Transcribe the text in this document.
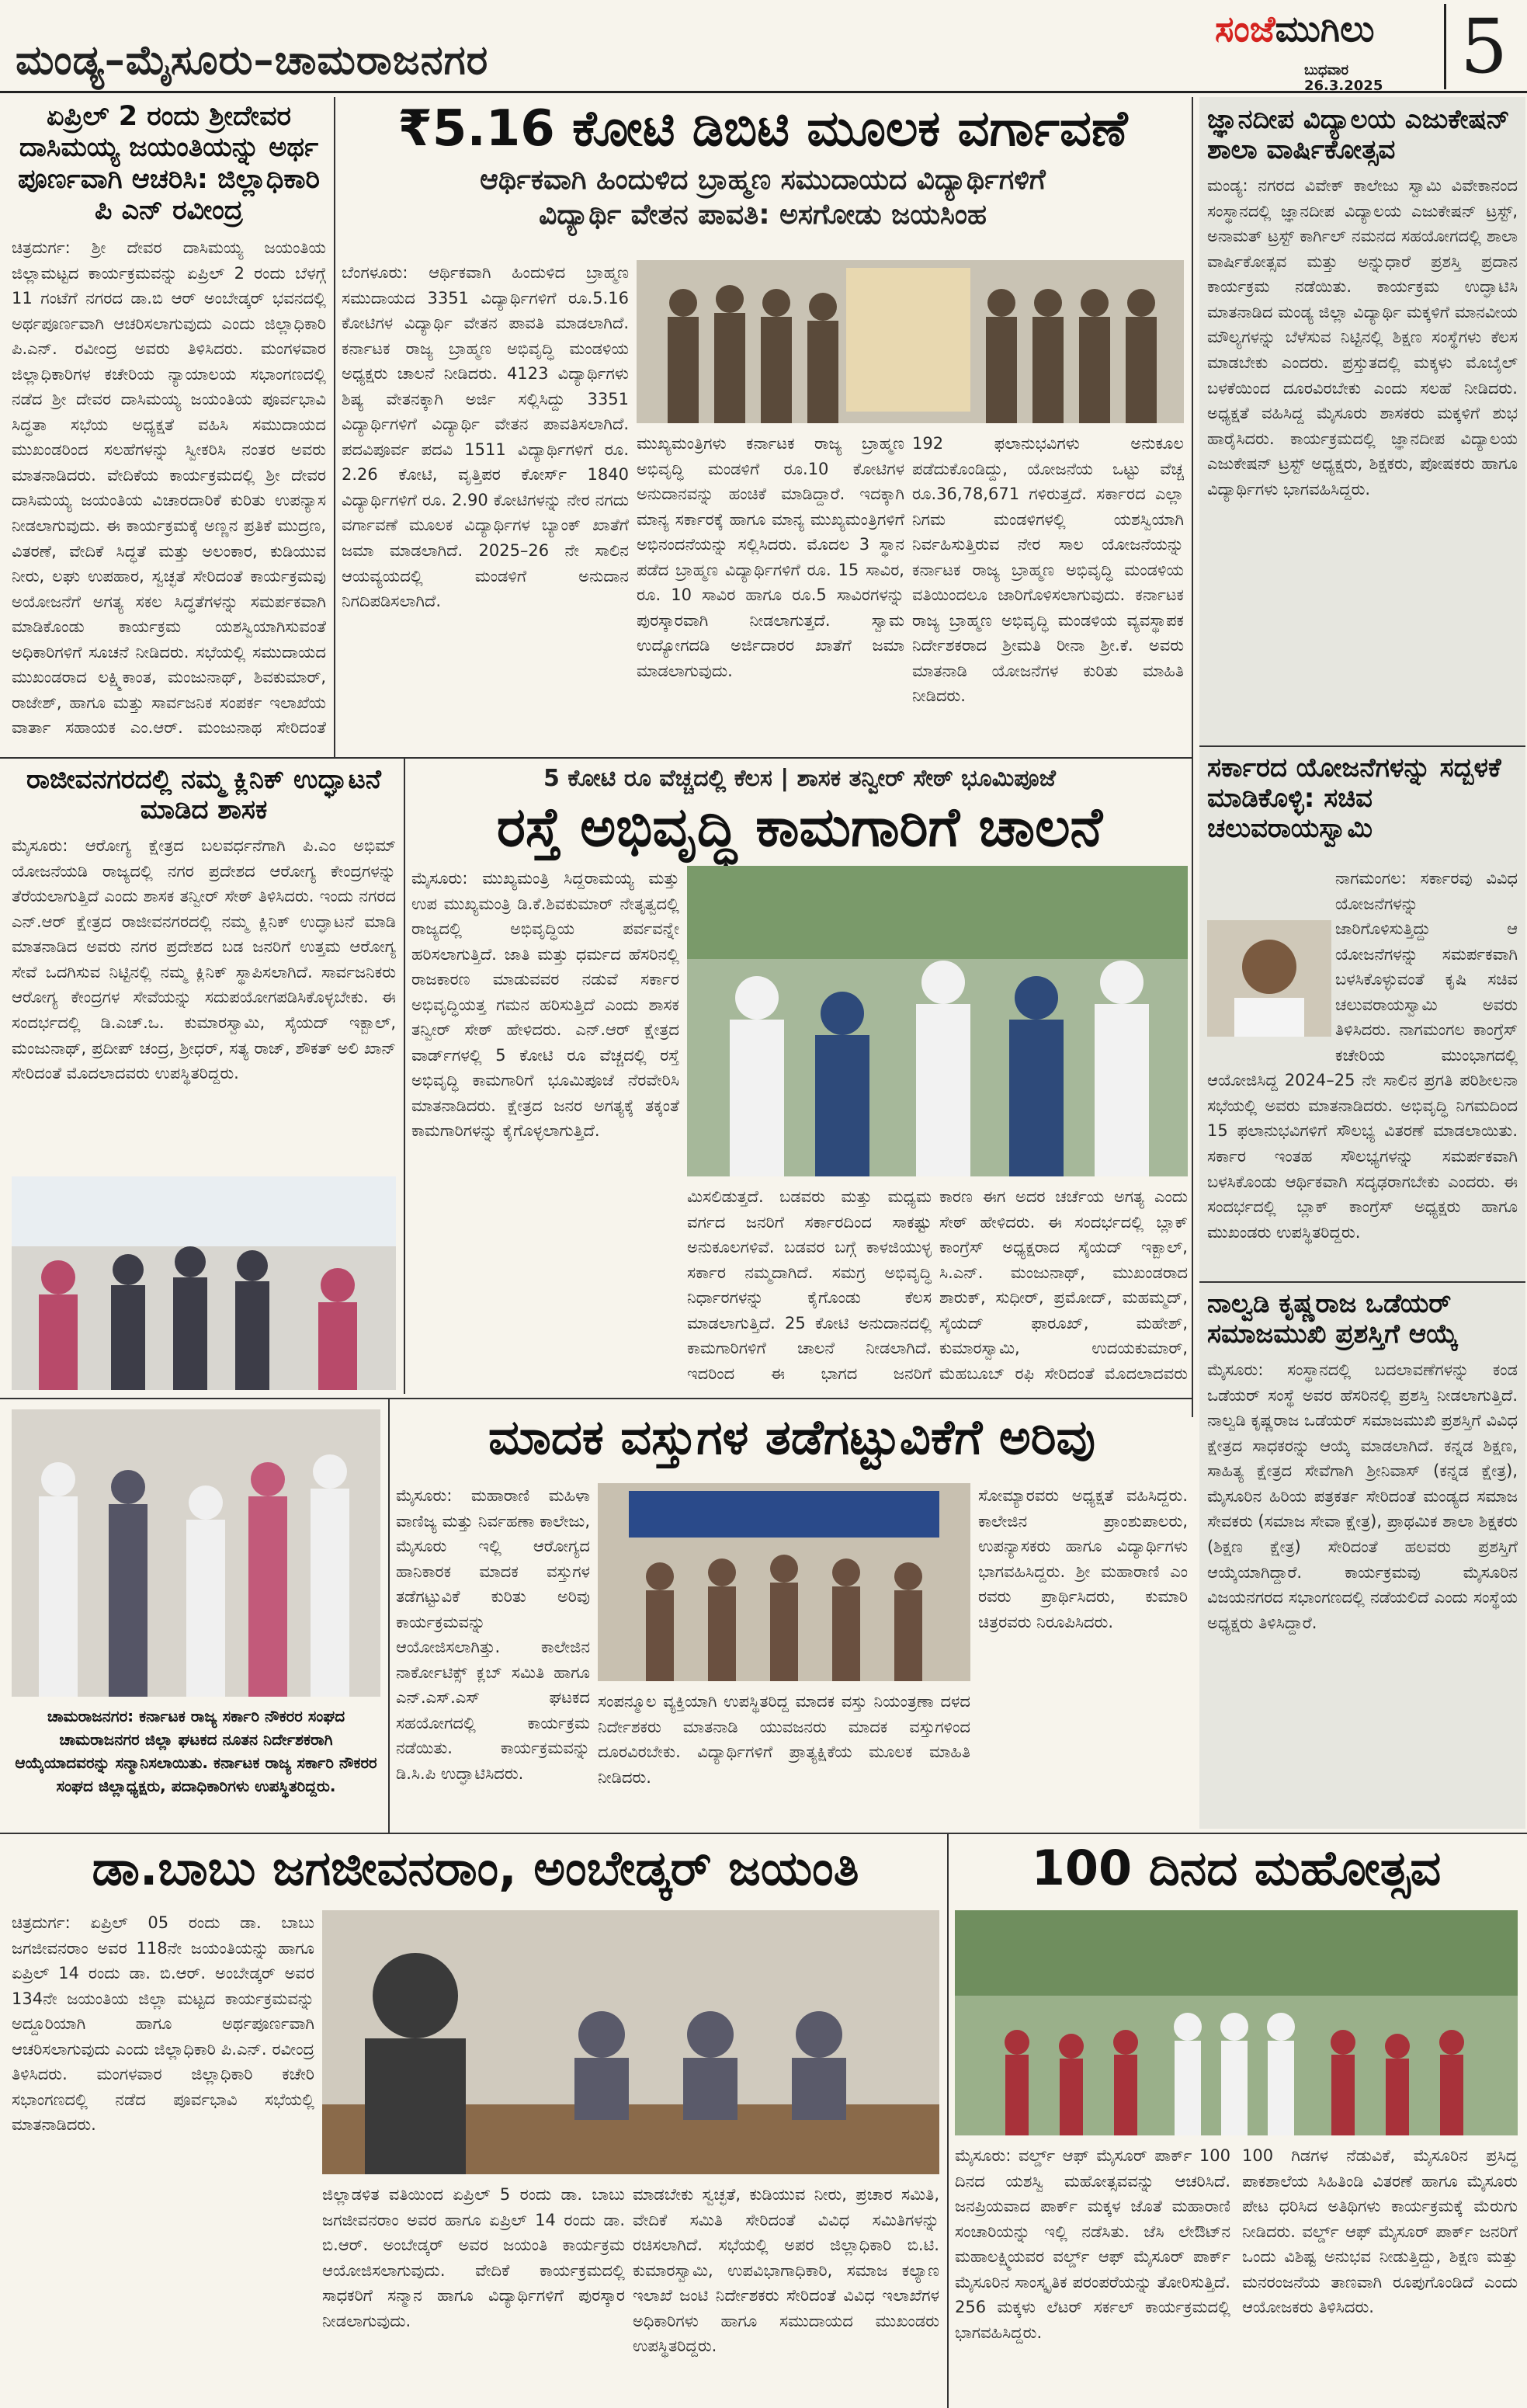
ಮಂಡ್ಯ–ಮೈಸೂರು–ಚಾಮರಾಜನಗರ
ಸಂಜೆಮುಗಿಲು
ಬುಧವಾರ
26.3.2025 5
ಏಪ್ರಿಲ್ 2 ರಂದು ಶ್ರೀದೇವರ ದಾಸಿಮಯ್ಯ ಜಯಂತಿಯನ್ನು ಅರ್ಥ ಪೂರ್ಣವಾಗಿ ಆಚರಿಸಿ: ಜಿಲ್ಲಾಧಿಕಾರಿ ಪಿ ಎನ್ ರವೀಂದ್ರ
ಚಿತ್ರದುರ್ಗ: ಶ್ರೀ ದೇವರ ದಾಸಿಮಯ್ಯ ಜಯಂತಿಯ ಜಿಲ್ಲಾಮಟ್ಟದ ಕಾರ್ಯಕ್ರಮವನ್ನು ಏಪ್ರಿಲ್ 2 ರಂದು ಬೆಳಗ್ಗೆ 11 ಗಂಟೆಗೆ ನಗರದ ಡಾ.ಬಿ ಆರ್ ಅಂಬೇಡ್ಕರ್ ಭವನದಲ್ಲಿ ಅರ್ಥಪೂರ್ಣವಾಗಿ ಆಚರಿಸಲಾಗುವುದು ಎಂದು ಜಿಲ್ಲಾಧಿಕಾರಿ ಪಿ.ಎನ್. ರವೀಂದ್ರ ಅವರು ತಿಳಿಸಿದರು. ಮಂಗಳವಾರ ಜಿಲ್ಲಾಧಿಕಾರಿಗಳ ಕಚೇರಿಯ ನ್ಯಾಯಾಲಯ ಸಭಾಂಗಣದಲ್ಲಿ ನಡೆದ ಶ್ರೀ ದೇವರ ದಾಸಿಮಯ್ಯ ಜಯಂತಿಯ ಪೂರ್ವಭಾವಿ ಸಿದ್ಧತಾ ಸಭೆಯ ಅಧ್ಯಕ್ಷತೆ ವಹಿಸಿ ಸಮುದಾಯದ ಮುಖಂಡರಿಂದ ಸಲಹೆಗಳನ್ನು ಸ್ವೀಕರಿಸಿ ನಂತರ ಅವರು ಮಾತನಾಡಿದರು. ವೇದಿಕೆಯ ಕಾರ್ಯಕ್ರಮದಲ್ಲಿ ಶ್ರೀ ದೇವರ ದಾಸಿಮಯ್ಯ ಜಯಂತಿಯ ವಿಚಾರದಾರಿಕೆ ಕುರಿತು ಉಪನ್ಯಾಸ ನೀಡಲಾಗುವುದು. ಈ ಕಾರ್ಯಕ್ರಮಕ್ಕೆ ಅಣ್ಣನ ಪ್ರತಿಕೆ ಮುದ್ರಣ, ವಿತರಣೆ, ವೇದಿಕೆ ಸಿದ್ಧತೆ ಮತ್ತು ಅಲಂಕಾರ, ಕುಡಿಯುವ ನೀರು, ಲಘು ಉಪಹಾರ, ಸ್ವಚ್ಛತೆ ಸೇರಿದಂತೆ ಕಾರ್ಯಕ್ರಮವು ಅಯೋಜನೆಗೆ ಅಗತ್ಯ ಸಕಲ ಸಿದ್ಧತೆಗಳನ್ನು ಸಮರ್ಪಕವಾಗಿ ಮಾಡಿಕೊಂಡು ಕಾರ್ಯಕ್ರಮ ಯಶಸ್ವಿಯಾಗಿಸುವಂತೆ ಅಧಿಕಾರಿಗಳಿಗೆ ಸೂಚನೆ ನೀಡಿದರು. ಸಭೆಯಲ್ಲಿ ಸಮುದಾಯದ ಮುಖಂಡರಾದ ಲಕ್ಷ್ಮಿಕಾಂತ, ಮಂಜುನಾಥ್, ಶಿವಕುಮಾರ್, ರಾಜೇಶ್, ಹಾಗೂ ಮತ್ತು ಸಾರ್ವಜನಿಕ ಸಂಪರ್ಕ ಇಲಾಖೆಯ ವಾರ್ತಾ ಸಹಾಯಕ ಎಂ.ಆರ್. ಮಂಜುನಾಥ ಸೇರಿದಂತೆ
₹5.16 ಕೋಟಿ ಡಿಬಿಟಿ ಮೂಲಕ ವರ್ಗಾವಣೆ
ಆರ್ಥಿಕವಾಗಿ ಹಿಂದುಳಿದ ಬ್ರಾಹ್ಮಣ ಸಮುದಾಯದ ವಿದ್ಯಾರ್ಥಿಗಳಿಗೆ
ವಿದ್ಯಾರ್ಥಿ ವೇತನ ಪಾವತಿ: ಅಸಗೋಡು ಜಯಸಿಂಹ
ಬೆಂಗಳೂರು: ಆರ್ಥಿಕವಾಗಿ ಹಿಂದುಳಿದ ಬ್ರಾಹ್ಮಣ ಸಮುದಾಯದ 3351 ವಿದ್ಯಾರ್ಥಿಗಳಿಗೆ ರೂ.5.16 ಕೋಟಿಗಳ ವಿದ್ಯಾರ್ಥಿ ವೇತನ ಪಾವತಿ ಮಾಡಲಾಗಿದೆ. ಕರ್ನಾಟಕ ರಾಜ್ಯ ಬ್ರಾಹ್ಮಣ ಅಭಿವೃದ್ಧಿ ಮಂಡಳಿಯ ಅಧ್ಯಕ್ಷರು ಚಾಲನೆ ನೀಡಿದರು. 4123 ವಿದ್ಯಾರ್ಥಿಗಳು ಶಿಷ್ಯ ವೇತನಕ್ಕಾಗಿ ಅರ್ಜಿ ಸಲ್ಲಿಸಿದ್ದು 3351 ವಿದ್ಯಾರ್ಥಿಗಳಿಗೆ ವಿದ್ಯಾರ್ಥಿ ವೇತನ ಪಾವತಿಸಲಾಗಿದೆ. ಪದವಿಪೂರ್ವ ಪದವಿ 1511 ವಿದ್ಯಾರ್ಥಿಗಳಿಗೆ ರೂ. 2.26 ಕೋಟಿ, ವೃತ್ತಿಪರ ಕೋರ್ಸ್ 1840 ವಿದ್ಯಾರ್ಥಿಗಳಿಗೆ ರೂ. 2.90 ಕೋಟಿಗಳನ್ನು ನೇರ ನಗದು ವರ್ಗಾವಣೆ ಮೂಲಕ ವಿದ್ಯಾರ್ಥಿಗಳ ಬ್ಯಾಂಕ್ ಖಾತೆಗೆ ಜಮಾ ಮಾಡಲಾಗಿದೆ. 2025–26 ನೇ ಸಾಲಿನ ಆಯವ್ಯಯದಲ್ಲಿ ಮಂಡಳಿಗೆ ಅನುದಾನ ನಿಗದಿಪಡಿಸಲಾಗಿದೆ.
ಮುಖ್ಯಮಂತ್ರಿಗಳು ಕರ್ನಾಟಕ ರಾಜ್ಯ ಬ್ರಾಹ್ಮಣ ಅಭಿವೃದ್ಧಿ ಮಂಡಳಿಗೆ ರೂ.10 ಕೋಟಿಗಳ ಅನುದಾನವನ್ನು ಹಂಚಿಕೆ ಮಾಡಿದ್ದಾರೆ. ಇದಕ್ಕಾಗಿ ಮಾನ್ಯ ಸರ್ಕಾರಕ್ಕೆ ಹಾಗೂ ಮಾನ್ಯ ಮುಖ್ಯಮಂತ್ರಿಗಳಿಗೆ ಅಭಿನಂದನೆಯನ್ನು ಸಲ್ಲಿಸಿದರು. ಮೊದಲ 3 ಸ್ಥಾನ ಪಡೆದ ಬ್ರಾಹ್ಮಣ ವಿದ್ಯಾರ್ಥಿಗಳಿಗೆ ರೂ. 15 ಸಾವಿರ, ರೂ. 10 ಸಾವಿರ ಹಾಗೂ ರೂ.5 ಸಾವಿರಗಳನ್ನು ಪುರಸ್ಕಾರವಾಗಿ ನೀಡಲಾಗುತ್ತದೆ. ಸ್ವಾಮ ಉದ್ಯೋಗದಡಿ ಅರ್ಜಿದಾರರ ಖಾತೆಗೆ ಜಮಾ ಮಾಡಲಾಗುವುದು.
192 ಫಲಾನುಭವಿಗಳು ಅನುಕೂಲ ಪಡೆದುಕೊಂಡಿದ್ದು, ಯೋಜನೆಯ ಒಟ್ಟು ವೆಚ್ಚ ರೂ.36,78,671 ಗಳಿರುತ್ತದೆ. ಸರ್ಕಾರದ ಎಲ್ಲಾ ನಿಗಮ ಮಂಡಳಿಗಳಲ್ಲಿ ಯಶಸ್ವಿಯಾಗಿ ನಿರ್ವಹಿಸುತ್ತಿರುವ ನೇರ ಸಾಲ ಯೋಜನೆಯನ್ನು ಕರ್ನಾಟಕ ರಾಜ್ಯ ಬ್ರಾಹ್ಮಣ ಅಭಿವೃದ್ಧಿ ಮಂಡಳಿಯ ವತಿಯಿಂದಲೂ ಜಾರಿಗೊಳಿಸಲಾಗುವುದು. ಕರ್ನಾಟಕ ರಾಜ್ಯ ಬ್ರಾಹ್ಮಣ ಅಭಿವೃದ್ಧಿ ಮಂಡಳಿಯ ವ್ಯವಸ್ಥಾಪಕ ನಿರ್ದೇಶಕರಾದ ಶ್ರೀಮತಿ ರೀನಾ ಶ್ರೀ.ಕೆ. ಅವರು ಮಾತನಾಡಿ ಯೋಜನೆಗಳ ಕುರಿತು ಮಾಹಿತಿ ನೀಡಿದರು.
ಜ್ಞಾನದೀಪ ವಿದ್ಯಾಲಯ ಎಜುಕೇಷನ್ ಶಾಲಾ ವಾರ್ಷಿಕೋತ್ಸವ
ಮಂಡ್ಯ: ನಗರದ ವಿವೇಕ್ ಕಾಲೇಜು ಸ್ವಾಮಿ ವಿವೇಕಾನಂದ ಸಂಸ್ಥಾನದಲ್ಲಿ ಜ್ಞಾನದೀಪ ವಿದ್ಯಾಲಯ ಎಜುಕೇಷನ್ ಟ್ರಸ್ಟ್, ಅನಾಮತ್ ಟ್ರಸ್ಟ್ ಕಾರ್ಗಿಲ್ ನಮನದ ಸಹಯೋಗದಲ್ಲಿ ಶಾಲಾ ವಾರ್ಷಿಕೋತ್ಸವ ಮತ್ತು ಅನ್ನುಧಾರೆ ಪ್ರಶಸ್ತಿ ಪ್ರದಾನ ಕಾರ್ಯಕ್ರಮ ನಡೆಯಿತು. ಕಾರ್ಯಕ್ರಮ ಉದ್ಘಾಟಿಸಿ ಮಾತನಾಡಿದ ಮಂಡ್ಯ ಜಿಲ್ಲಾ ವಿದ್ಯಾರ್ಥಿ ಮಕ್ಕಳಿಗೆ ಮಾನವೀಯ ಮೌಲ್ಯಗಳನ್ನು ಬೆಳೆಸುವ ನಿಟ್ಟಿನಲ್ಲಿ ಶಿಕ್ಷಣ ಸಂಸ್ಥೆಗಳು ಕೆಲಸ ಮಾಡಬೇಕು ಎಂದರು. ಪ್ರಸ್ತುತದಲ್ಲಿ ಮಕ್ಕಳು ಮೊಬೈಲ್ ಬಳಕೆಯಿಂದ ದೂರವಿರಬೇಕು ಎಂದು ಸಲಹೆ ನೀಡಿದರು. ಅಧ್ಯಕ್ಷತೆ ವಹಿಸಿದ್ದ ಮೈಸೂರು ಶಾಸಕರು ಮಕ್ಕಳಿಗೆ ಶುಭ ಹಾರೈಸಿದರು. ಕಾರ್ಯಕ್ರಮದಲ್ಲಿ ಜ್ಞಾನದೀಪ ವಿದ್ಯಾಲಯ ಎಜುಕೇಷನ್ ಟ್ರಸ್ಟ್ ಅಧ್ಯಕ್ಷರು, ಶಿಕ್ಷಕರು, ಪೋಷಕರು ಹಾಗೂ ವಿದ್ಯಾರ್ಥಿಗಳು ಭಾಗವಹಿಸಿದ್ದರು.
ಸರ್ಕಾರದ ಯೋಜನೆಗಳನ್ನು ಸದ್ಬಳಕೆ ಮಾಡಿಕೊಳ್ಳಿ: ಸಚಿವ ಚಲುವರಾಯಸ್ವಾಮಿ
ನಾಗಮಂಗಲ: ಸರ್ಕಾರವು ವಿವಿಧ ಯೋಜನೆಗಳನ್ನು ಜಾರಿಗೊಳಿಸುತ್ತಿದ್ದು ಆ ಯೋಜನೆಗಳನ್ನು ಸಮರ್ಪಕವಾಗಿ ಬಳಸಿಕೊಳ್ಳುವಂತೆ ಕೃಷಿ ಸಚಿವ ಚಲುವರಾಯಸ್ವಾಮಿ ಅವರು ತಿಳಿಸಿದರು. ನಾಗಮಂಗಲ ಕಾಂಗ್ರೆಸ್ ಕಚೇರಿಯ ಮುಂಭಾಗದಲ್ಲಿ ಆಯೋಜಿಸಿದ್ದ 2024–25 ನೇ ಸಾಲಿನ ಪ್ರಗತಿ ಪರಿಶೀಲನಾ ಸಭೆಯಲ್ಲಿ ಅವರು ಮಾತನಾಡಿದರು. ಅಭಿವೃದ್ಧಿ ನಿಗಮದಿಂದ 15 ಫಲಾನುಭವಿಗಳಿಗೆ ಸೌಲಭ್ಯ ವಿತರಣೆ ಮಾಡಲಾಯಿತು. ಸರ್ಕಾರ ಇಂತಹ ಸೌಲಭ್ಯಗಳನ್ನು ಸಮರ್ಪಕವಾಗಿ ಬಳಸಿಕೊಂಡು ಆರ್ಥಿಕವಾಗಿ ಸದೃಢರಾಗಬೇಕು ಎಂದರು. ಈ ಸಂದರ್ಭದಲ್ಲಿ ಬ್ಲಾಕ್ ಕಾಂಗ್ರೆಸ್ ಅಧ್ಯಕ್ಷರು ಹಾಗೂ ಮುಖಂಡರು ಉಪಸ್ಥಿತರಿದ್ದರು.
ನಾಲ್ವಡಿ ಕೃಷ್ಣರಾಜ ಒಡೆಯರ್ ಸಮಾಜಮುಖಿ ಪ್ರಶಸ್ತಿಗೆ ಆಯ್ಕೆ
ಮೈಸೂರು: ಸಂಸ್ಥಾನದಲ್ಲಿ ಬದಲಾವಣೆಗಳನ್ನು ಕಂಡ ಒಡೆಯರ್ ಸಂಸ್ಥೆ ಅವರ ಹೆಸರಿನಲ್ಲಿ ಪ್ರಶಸ್ತಿ ನೀಡಲಾಗುತ್ತಿದೆ. ನಾಲ್ವಡಿ ಕೃಷ್ಣರಾಜ ಒಡೆಯರ್ ಸಮಾಜಮುಖಿ ಪ್ರಶಸ್ತಿಗೆ ವಿವಿಧ ಕ್ಷೇತ್ರದ ಸಾಧಕರನ್ನು ಆಯ್ಕೆ ಮಾಡಲಾಗಿದೆ. ಕನ್ನಡ ಶಿಕ್ಷಣ, ಸಾಹಿತ್ಯ ಕ್ಷೇತ್ರದ ಸೇವೆಗಾಗಿ ಶ್ರೀನಿವಾಸ್ (ಕನ್ನಡ ಕ್ಷೇತ್ರ), ಮೈಸೂರಿನ ಹಿರಿಯ ಪತ್ರಕರ್ತ ಸೇರಿದಂತೆ ಮಂಡ್ಯದ ಸಮಾಜ ಸೇವಕರು (ಸಮಾಜ ಸೇವಾ ಕ್ಷೇತ್ರ), ಪ್ರಾಥಮಿಕ ಶಾಲಾ ಶಿಕ್ಷಕರು (ಶಿಕ್ಷಣ ಕ್ಷೇತ್ರ) ಸೇರಿದಂತೆ ಹಲವರು ಪ್ರಶಸ್ತಿಗೆ ಆಯ್ಕೆಯಾಗಿದ್ದಾರೆ. ಕಾರ್ಯಕ್ರಮವು ಮೈಸೂರಿನ ವಿಜಯನಗರದ ಸಭಾಂಗಣದಲ್ಲಿ ನಡೆಯಲಿದೆ ಎಂದು ಸಂಸ್ಥೆಯ ಅಧ್ಯಕ್ಷರು ತಿಳಿಸಿದ್ದಾರೆ.
ರಾಜೀವನಗರದಲ್ಲಿ ನಮ್ಮ ಕ್ಲಿನಿಕ್ ಉದ್ಘಾಟನೆ ಮಾಡಿದ ಶಾಸಕ
ಮೈಸೂರು: ಆರೋಗ್ಯ ಕ್ಷೇತ್ರದ ಬಲವರ್ಧನೆಗಾಗಿ ಪಿ.ಎಂ ಅಭಿಮ್ ಯೋಜನೆಯಡಿ ರಾಜ್ಯದಲ್ಲಿ ನಗರ ಪ್ರದೇಶದ ಆರೋಗ್ಯ ಕೇಂದ್ರಗಳನ್ನು ತೆರೆಯಲಾಗುತ್ತಿದೆ ಎಂದು ಶಾಸಕ ತನ್ವೀರ್ ಸೇಠ್ ತಿಳಿಸಿದರು. ಇಂದು ನಗರದ ಎನ್.ಆರ್ ಕ್ಷೇತ್ರದ ರಾಜೀವನಗರದಲ್ಲಿ ನಮ್ಮ ಕ್ಲಿನಿಕ್ ಉದ್ಘಾಟನೆ ಮಾಡಿ ಮಾತನಾಡಿದ ಅವರು ನಗರ ಪ್ರದೇಶದ ಬಡ ಜನರಿಗೆ ಉತ್ತಮ ಆರೋಗ್ಯ ಸೇವೆ ಒದಗಿಸುವ ನಿಟ್ಟಿನಲ್ಲಿ ನಮ್ಮ ಕ್ಲಿನಿಕ್ ಸ್ಥಾಪಿಸಲಾಗಿದೆ. ಸಾರ್ವಜನಿಕರು ಆರೋಗ್ಯ ಕೇಂದ್ರಗಳ ಸೇವೆಯನ್ನು ಸದುಪಯೋಗಪಡಿಸಿಕೊಳ್ಳಬೇಕು. ಈ ಸಂದರ್ಭದಲ್ಲಿ ಡಿ.ಎಚ್.ಒ. ಕುಮಾರಸ್ವಾಮಿ, ಸೈಯದ್ ಇಕ್ಬಾಲ್, ಮಂಜುನಾಥ್, ಪ್ರದೀಪ್ ಚಂದ್ರ, ಶ್ರೀಧರ್, ಸತ್ಯ ರಾಜ್, ಶೌಕತ್ ಅಲಿ ಖಾನ್ ಸೇರಿದಂತೆ ಮೊದಲಾದವರು ಉಪಸ್ಥಿತರಿದ್ದರು.
5 ಕೋಟಿ ರೂ ವೆಚ್ಚದಲ್ಲಿ ಕೆಲಸ | ಶಾಸಕ ತನ್ವೀರ್ ಸೇಠ್ ಭೂಮಿಪೂಜೆ
ರಸ್ತೆ ಅಭಿವೃದ್ಧಿ ಕಾಮಗಾರಿಗೆ ಚಾಲನೆ
ಮೈಸೂರು: ಮುಖ್ಯಮಂತ್ರಿ ಸಿದ್ದರಾಮಯ್ಯ ಮತ್ತು ಉಪ ಮುಖ್ಯಮಂತ್ರಿ ಡಿ.ಕೆ.ಶಿವಕುಮಾರ್ ನೇತೃತ್ವದಲ್ಲಿ ರಾಜ್ಯದಲ್ಲಿ ಅಭಿವೃದ್ಧಿಯ ಪರ್ವವನ್ನೇ ಹರಿಸಲಾಗುತ್ತಿದೆ. ಜಾತಿ ಮತ್ತು ಧರ್ಮದ ಹೆಸರಿನಲ್ಲಿ ರಾಜಕಾರಣ ಮಾಡುವವರ ನಡುವೆ ಸರ್ಕಾರ ಅಭಿವೃದ್ಧಿಯತ್ತ ಗಮನ ಹರಿಸುತ್ತಿದೆ ಎಂದು ಶಾಸಕ ತನ್ವೀರ್ ಸೇಠ್ ಹೇಳಿದರು. ಎನ್.ಆರ್ ಕ್ಷೇತ್ರದ ವಾರ್ಡ್‌ಗಳಲ್ಲಿ 5 ಕೋಟಿ ರೂ ವೆಚ್ಚದಲ್ಲಿ ರಸ್ತೆ ಅಭಿವೃದ್ಧಿ ಕಾಮಗಾರಿಗೆ ಭೂಮಿಪೂಜೆ ನೆರವೇರಿಸಿ ಮಾತನಾಡಿದರು. ಕ್ಷೇತ್ರದ ಜನರ ಅಗತ್ಯಕ್ಕೆ ತಕ್ಕಂತೆ ಕಾಮಗಾರಿಗಳನ್ನು ಕೈಗೊಳ್ಳಲಾಗುತ್ತಿದೆ.
ಮಿಸಲಿಡುತ್ತದೆ. ಬಡವರು ಮತ್ತು ಮಧ್ಯಮ ವರ್ಗದ ಜನರಿಗೆ ಸರ್ಕಾರದಿಂದ ಸಾಕಷ್ಟು ಅನುಕೂಲಗಳಿವೆ. ಬಡವರ ಬಗ್ಗೆ ಕಾಳಜಿಯುಳ್ಳ ಸರ್ಕಾರ ನಮ್ಮದಾಗಿದೆ. ಸಮಗ್ರ ಅಭಿವೃದ್ಧಿ ನಿರ್ಧಾರಗಳನ್ನು ಕೈಗೊಂಡು ಕೆಲಸ ಮಾಡಲಾಗುತ್ತಿದೆ. 25 ಕೋಟಿ ಅನುದಾನದಲ್ಲಿ ಕಾಮಗಾರಿಗಳಿಗೆ ಚಾಲನೆ ನೀಡಲಾಗಿದೆ. ಇದರಿಂದ ಈ ಭಾಗದ ಜನರಿಗೆ
ಕಾರಣ ಈಗ ಅದರ ಚರ್ಚೆಯ ಅಗತ್ಯ ಎಂದು ಸೇಠ್ ಹೇಳಿದರು. ಈ ಸಂದರ್ಭದಲ್ಲಿ ಬ್ಲಾಕ್ ಕಾಂಗ್ರೆಸ್ ಅಧ್ಯಕ್ಷರಾದ ಸೈಯದ್ ಇಕ್ಬಾಲ್, ಸಿ.ಎನ್. ಮಂಜುನಾಥ್, ಮುಖಂಡರಾದ ಶಾರುಕ್, ಸುಧೀರ್, ಪ್ರಮೋದ್, ಮಹಮ್ಮದ್, ಸೈಯದ್ ಫಾರೂಖ್, ಮಹೇಶ್, ಕುಮಾರಸ್ವಾಮಿ, ಉದಯಕುಮಾರ್, ಮೆಹಬೂಬ್ ರಫಿ ಸೇರಿದಂತೆ ಮೊದಲಾದವರು
ಚಾಮರಾಜನಗರ: ಕರ್ನಾಟಕ ರಾಜ್ಯ ಸರ್ಕಾರಿ ನೌಕರರ ಸಂಘದ ಚಾಮರಾಜನಗರ ಜಿಲ್ಲಾ ಘಟಕದ ನೂತನ ನಿರ್ದೇಶಕರಾಗಿ ಆಯ್ಕೆಯಾದವರನ್ನು ಸನ್ಮಾನಿಸಲಾಯಿತು. ಕರ್ನಾಟಕ ರಾಜ್ಯ ಸರ್ಕಾರಿ ನೌಕರರ ಸಂಘದ ಜಿಲ್ಲಾಧ್ಯಕ್ಷರು, ಪದಾಧಿಕಾರಿಗಳು ಉಪಸ್ಥಿತರಿದ್ದರು.
ಮಾದಕ ವಸ್ತುಗಳ ತಡೆಗಟ್ಟುವಿಕೆಗೆ ಅರಿವು
ಮೈಸೂರು: ಮಹಾರಾಣಿ ಮಹಿಳಾ ವಾಣಿಜ್ಯ ಮತ್ತು ನಿರ್ವಹಣಾ ಕಾಲೇಜು, ಮೈಸೂರು ಇಲ್ಲಿ ಆರೋಗ್ಯದ ಹಾನಿಕಾರಕ ಮಾದಕ ವಸ್ತುಗಳ ತಡೆಗಟ್ಟುವಿಕೆ ಕುರಿತು ಅರಿವು ಕಾರ್ಯಕ್ರಮವನ್ನು ಆಯೋಜಿಸಲಾಗಿತ್ತು. ಕಾಲೇಜಿನ ನಾರ್ಕೋಟಿಕ್ಸ್ ಕ್ಲಬ್ ಸಮಿತಿ ಹಾಗೂ ಎನ್.ಎಸ್.ಎಸ್ ಘಟಕದ ಸಹಯೋಗದಲ್ಲಿ ಕಾರ್ಯಕ್ರಮ ನಡೆಯಿತು. ಕಾರ್ಯಕ್ರಮವನ್ನು ಡಿ.ಸಿ.ಪಿ ಉದ್ಘಾಟಿಸಿದರು.
ಸಂಪನ್ಮೂಲ ವ್ಯಕ್ತಿಯಾಗಿ ಉಪಸ್ಥಿತರಿದ್ದ ಮಾದಕ ವಸ್ತು ನಿಯಂತ್ರಣಾ ದಳದ ನಿರ್ದೇಶಕರು ಮಾತನಾಡಿ ಯುವಜನರು ಮಾದಕ ವಸ್ತುಗಳಿಂದ ದೂರವಿರಬೇಕು. ವಿದ್ಯಾರ್ಥಿಗಳಿಗೆ ಪ್ರಾತ್ಯಕ್ಷಿಕೆಯ ಮೂಲಕ ಮಾಹಿತಿ ನೀಡಿದರು.
ಸೋಮ್ಯಾರವರು ಅಧ್ಯಕ್ಷತೆ ವಹಿಸಿದ್ದರು. ಕಾಲೇಜಿನ ಪ್ರಾಂಶುಪಾಲರು, ಉಪನ್ಯಾಸಕರು ಹಾಗೂ ವಿದ್ಯಾರ್ಥಿಗಳು ಭಾಗವಹಿಸಿದ್ದರು. ಶ್ರೀ ಮಹಾರಾಣಿ ಎಂ ರವರು ಪ್ರಾರ್ಥಿಸಿದರು, ಕುಮಾರಿ ಚಿತ್ರರವರು ನಿರೂಪಿಸಿದರು.
ಡಾ.ಬಾಬು ಜಗಜೀವನರಾಂ, ಅಂಬೇಡ್ಕರ್ ಜಯಂತಿ
ಚಿತ್ರದುರ್ಗ: ಏಪ್ರಿಲ್ 05 ರಂದು ಡಾ. ಬಾಬು ಜಗಜೀವನರಾಂ ಅವರ 118ನೇ ಜಯಂತಿಯನ್ನು ಹಾಗೂ ಏಪ್ರಿಲ್ 14 ರಂದು ಡಾ. ಬಿ.ಆರ್. ಅಂಬೇಡ್ಕರ್ ಅವರ 134ನೇ ಜಯಂತಿಯ ಜಿಲ್ಲಾ ಮಟ್ಟದ ಕಾರ್ಯಕ್ರಮವನ್ನು ಅದ್ದೂರಿಯಾಗಿ ಹಾಗೂ ಅರ್ಥಪೂರ್ಣವಾಗಿ ಆಚರಿಸಲಾಗುವುದು ಎಂದು ಜಿಲ್ಲಾಧಿಕಾರಿ ಪಿ.ಎನ್. ರವೀಂದ್ರ ತಿಳಿಸಿದರು. ಮಂಗಳವಾರ ಜಿಲ್ಲಾಧಿಕಾರಿ ಕಚೇರಿ ಸಭಾಂಗಣದಲ್ಲಿ ನಡೆದ ಪೂರ್ವಭಾವಿ ಸಭೆಯಲ್ಲಿ ಮಾತನಾಡಿದರು.
ಜಿಲ್ಲಾಡಳಿತ ವತಿಯಿಂದ ಏಪ್ರಿಲ್ 5 ರಂದು ಡಾ. ಬಾಬು ಜಗಜೀವನರಾಂ ಅವರ ಹಾಗೂ ಏಪ್ರಿಲ್ 14 ರಂದು ಡಾ. ಬಿ.ಆರ್. ಅಂಬೇಡ್ಕರ್ ಅವರ ಜಯಂತಿ ಕಾರ್ಯಕ್ರಮ ಆಯೋಜಿಸಲಾಗುವುದು. ವೇದಿಕೆ ಕಾರ್ಯಕ್ರಮದಲ್ಲಿ ಸಾಧಕರಿಗೆ ಸನ್ಮಾನ ಹಾಗೂ ವಿದ್ಯಾರ್ಥಿಗಳಿಗೆ ಪುರಸ್ಕಾರ ನೀಡಲಾಗುವುದು.
ಮಾಡಬೇಕು ಸ್ವಚ್ಛತೆ, ಕುಡಿಯುವ ನೀರು, ಪ್ರಚಾರ ಸಮಿತಿ, ವೇದಿಕೆ ಸಮಿತಿ ಸೇರಿದಂತೆ ವಿವಿಧ ಸಮಿತಿಗಳನ್ನು ರಚಿಸಲಾಗಿದೆ. ಸಭೆಯಲ್ಲಿ ಅಪರ ಜಿಲ್ಲಾಧಿಕಾರಿ ಬಿ.ಟಿ. ಕುಮಾರಸ್ವಾಮಿ, ಉಪವಿಭಾಗಾಧಿಕಾರಿ, ಸಮಾಜ ಕಲ್ಯಾಣ ಇಲಾಖೆ ಜಂಟಿ ನಿರ್ದೇಶಕರು ಸೇರಿದಂತೆ ವಿವಿಧ ಇಲಾಖೆಗಳ ಅಧಿಕಾರಿಗಳು ಹಾಗೂ ಸಮುದಾಯದ ಮುಖಂಡರು ಉಪಸ್ಥಿತರಿದ್ದರು.
100 ದಿನದ ಮಹೋತ್ಸವ
ಮೈಸೂರು: ವರ್ಲ್ಡ್ ಆಫ್ ಮೈಸೂರ್ ಪಾರ್ಕ್ 100 ದಿನದ ಯಶಸ್ವಿ ಮಹೋತ್ಸವವನ್ನು ಆಚರಿಸಿದೆ. ಜನಪ್ರಿಯವಾದ ಪಾರ್ಕ್ ಮಕ್ಕಳ ಜೊತೆ ಮಹಾರಾಣಿ ಸಂಚಾರಿಯನ್ನು ಇಲ್ಲಿ ನಡೆಸಿತು. ಜೆಸಿ ಲೇಔಟ್‌ನ ಮಹಾಲಕ್ಷ್ಮಿಯವರ ವರ್ಲ್ಡ್ ಆಫ್ ಮೈಸೂರ್ ಪಾರ್ಕ್ ಮೈಸೂರಿನ ಸಾಂಸ್ಕೃತಿಕ ಪರಂಪರೆಯನ್ನು ತೋರಿಸುತ್ತಿದೆ. 256 ಮಕ್ಕಳು ಲೆಟರ್ ಸರ್ಕಲ್ ಕಾರ್ಯಕ್ರಮದಲ್ಲಿ ಭಾಗವಹಿಸಿದ್ದರು.
100 ಗಿಡಗಳ ನೆಡುವಿಕೆ, ಮೈಸೂರಿನ ಪ್ರಸಿದ್ಧ ಪಾಕಶಾಲೆಯ ಸಿಹಿತಿಂಡಿ ವಿತರಣೆ ಹಾಗೂ ಮೈಸೂರು ಪೇಟ ಧರಿಸಿದ ಅತಿಥಿಗಳು ಕಾರ್ಯಕ್ರಮಕ್ಕೆ ಮೆರುಗು ನೀಡಿದರು. ವರ್ಲ್ಡ್ ಆಫ್ ಮೈಸೂರ್ ಪಾರ್ಕ್ ಜನರಿಗೆ ಒಂದು ವಿಶಿಷ್ಟ ಅನುಭವ ನೀಡುತ್ತಿದ್ದು, ಶಿಕ್ಷಣ ಮತ್ತು ಮನರಂಜನೆಯ ತಾಣವಾಗಿ ರೂಪುಗೊಂಡಿದೆ ಎಂದು ಆಯೋಜಕರು ತಿಳಿಸಿದರು.
